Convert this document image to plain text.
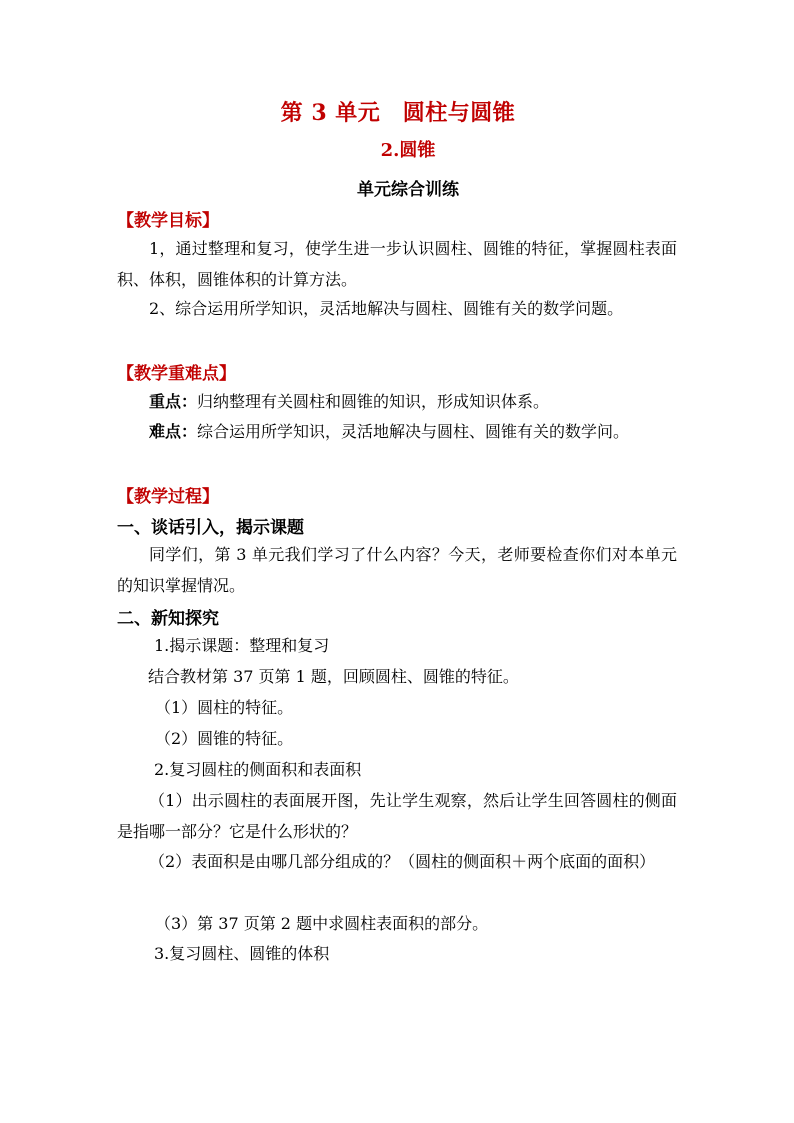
第 3 单元　圆柱与圆锥
2.圆锥
单元综合训练
【教学目标】
1，通过整理和复习，使学生进一步认识圆柱、圆锥的特征，掌握圆柱表面积、体积，圆锥体积的计算方法。
2、综合运用所学知识，灵活地解决与圆柱、圆锥有关的数学问题。
【教学重难点】
重点：归纳整理有关圆柱和圆锥的知识，形成知识体系。
难点：综合运用所学知识，灵活地解决与圆柱、圆锥有关的数学问。
【教学过程】
一、谈话引入，揭示课题
同学们，第 3 单元我们学习了什么内容？今天，老师要检查你们对本单元的知识掌握情况。
二、新知探究
1.揭示课题：整理和复习
结合教材第 37 页第 1 题，回顾圆柱、圆锥的特征。
（1）圆柱的特征。
（2）圆锥的特征。
2.复习圆柱的侧面积和表面积
（1）出示圆柱的表面展开图，先让学生观察，然后让学生回答圆柱的侧面是指哪一部分？它是什么形状的？
（2）表面积是由哪几部分组成的？（圆柱的侧面积＋两个底面的面积）
（3）第 37 页第 2 题中求圆柱表面积的部分。
3.复习圆柱、圆锥的体积
